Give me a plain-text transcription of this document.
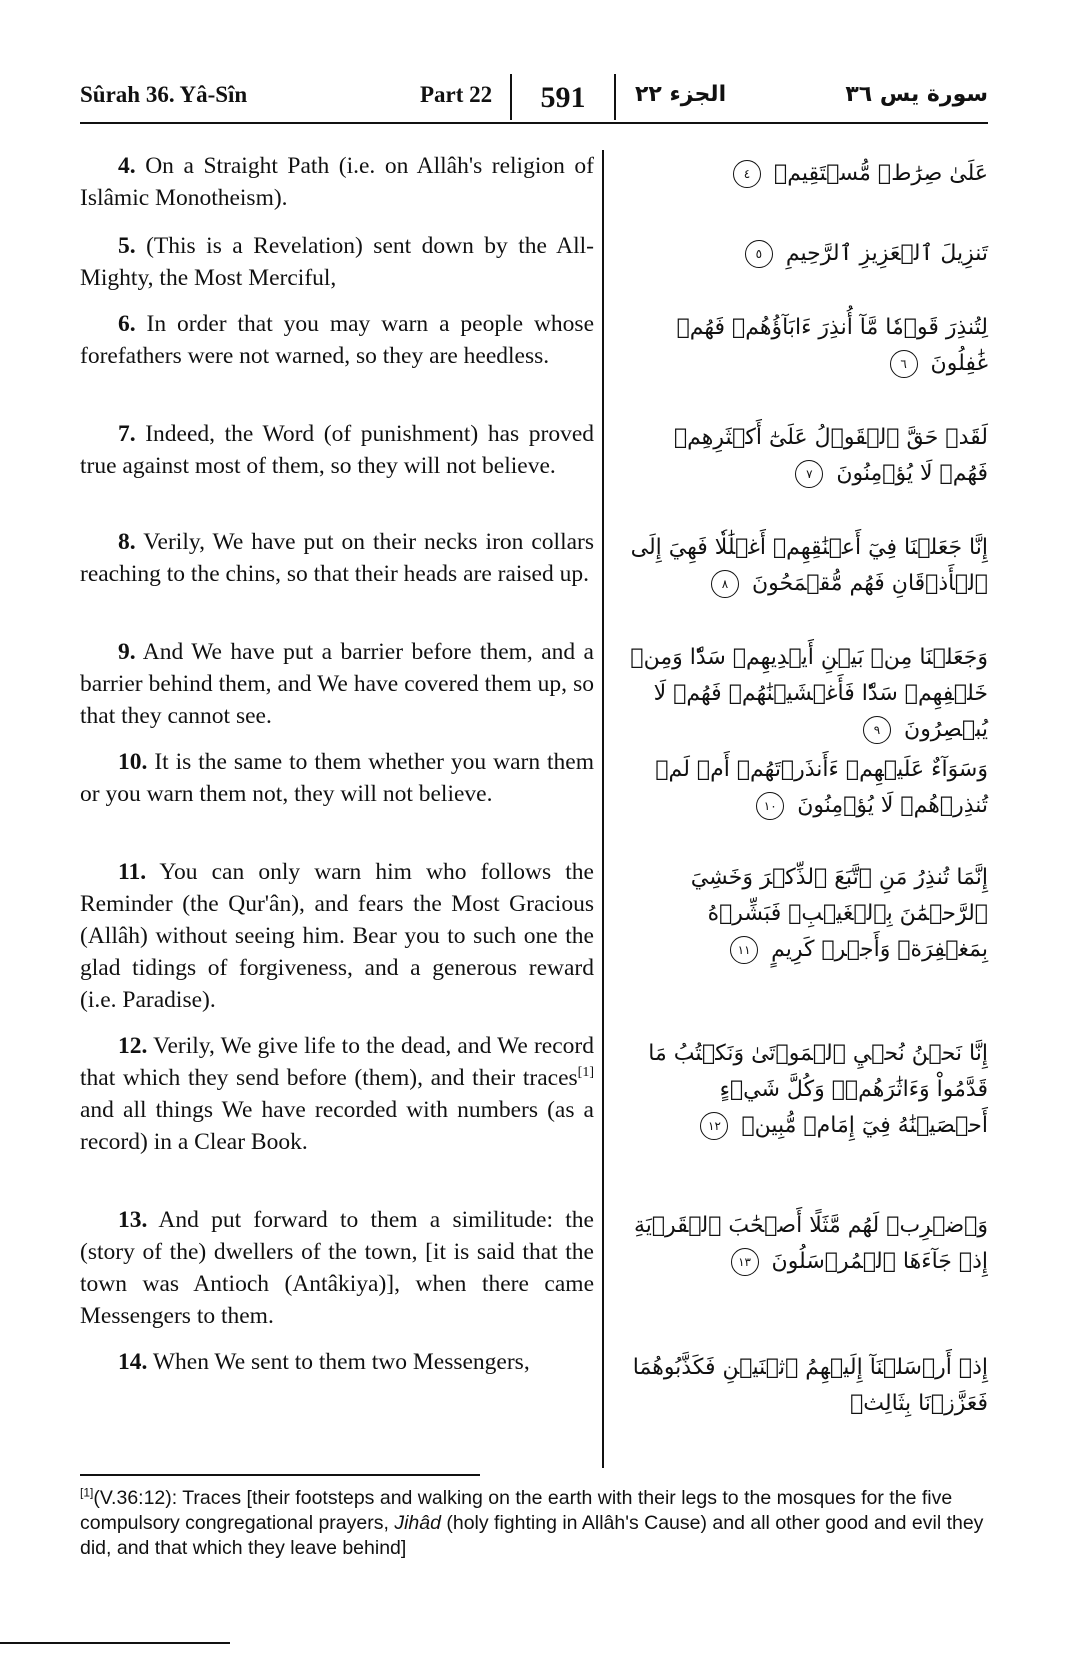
Sûrah 36. Yâ-Sîn	Part 22	591	الجزء ٢٢	سورة يس ٣٦

4. On a Straight Path (i.e. on Allâh's religion of Islâmic Monotheism).

5. (This is a Revelation) sent down by the All-Mighty, the Most Merciful,

6. In order that you may warn a people whose forefathers were not warned, so they are heedless.

7. Indeed, the Word (of punishment) has proved true against most of them, so they will not believe.

8. Verily, We have put on their necks iron collars reaching to the chins, so that their heads are raised up.

9. And We have put a barrier before them, and a barrier behind them, and We have covered them up, so that they cannot see.

10. It is the same to them whether you warn them or you warn them not, they will not believe.

11. You can only warn him who follows the Reminder (the Qur'ân), and fears the Most Gracious (Allâh) without seeing him. Bear you to such one the glad tidings of forgiveness, and a generous reward (i.e. Paradise).

12. Verily, We give life to the dead, and We record that which they send before (them), and their traces[1] and all things We have recorded with numbers (as a record) in a Clear Book.

13. And put forward to them a similitude: the (story of the) dwellers of the town, [it is said that the town was Antioch (Antâkiya)], when there came Messengers to them.

14. When We sent to them two Messengers,

عَلَىٰ صِرَٰطٖ مُّسۡتَقِيمٖ ٤
تَنزِيلَ ٱلۡعَزِيزِ ٱلرَّحِيمِ ٥
لِتُنذِرَ قَوۡمٗا مَّآ أُنذِرَ ءَابَآؤُهُمۡ فَهُمۡ غَٰفِلُونَ ٦
لَقَدۡ حَقَّ ٱلۡقَوۡلُ عَلَىٰٓ أَكۡثَرِهِمۡ فَهُمۡ لَا يُؤۡمِنُونَ ٧
إِنَّا جَعَلۡنَا فِيٓ أَعۡنَٰقِهِمۡ أَغۡلَٰلٗا فَهِيَ إِلَى ٱلۡأَذۡقَانِ فَهُم مُّقۡمَحُونَ ٨
وَجَعَلۡنَا مِنۢ بَيۡنِ أَيۡدِيهِمۡ سَدّٗا وَمِنۡ خَلۡفِهِمۡ سَدّٗا فَأَغۡشَيۡنَٰهُمۡ فَهُمۡ لَا يُبۡصِرُونَ ٩
وَسَوَآءٌ عَلَيۡهِمۡ ءَأَنذَرۡتَهُمۡ أَمۡ لَمۡ تُنذِرۡهُمۡ لَا يُؤۡمِنُونَ ١٠
إِنَّمَا تُنذِرُ مَنِ ٱتَّبَعَ ٱلذِّكۡرَ وَخَشِيَ ٱلرَّحۡمَٰنَ بِٱلۡغَيۡبِۖ فَبَشِّرۡهُ بِمَغۡفِرَةٖ وَأَجۡرٖ كَرِيمٍ ١١
إِنَّا نَحۡنُ نُحۡيِ ٱلۡمَوۡتَىٰ وَنَكۡتُبُ مَا قَدَّمُواْ وَءَاثَٰرَهُمۡۚ وَكُلَّ شَيۡءٍ أَحۡصَيۡنَٰهُ فِيٓ إِمَامٖ مُّبِينٖ ١٢
وَٱضۡرِبۡ لَهُم مَّثَلًا أَصۡحَٰبَ ٱلۡقَرۡيَةِ إِذۡ جَآءَهَا ٱلۡمُرۡسَلُونَ ١٣
إِذۡ أَرۡسَلۡنَآ إِلَيۡهِمُ ٱثۡنَيۡنِ فَكَذَّبُوهُمَا فَعَزَّزۡنَا بِثَالِثٖ
[1](V.36:12): Traces [their footsteps and walking on the earth with their legs to the mosques for the five compulsory congregational prayers, Jihâd (holy fighting in Allâh's Cause) and all other good and evil they did, and that which they leave behind]
